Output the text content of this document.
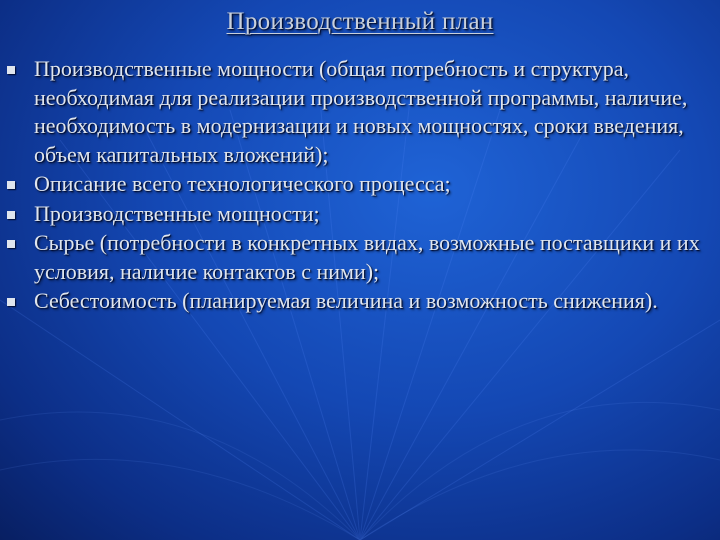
Производственный план
Производственные мощности (общая потребность и структура, необходимая для реализации производственной программы, наличие, необходимость в модернизации и новых мощностях, сроки введения, объем капитальных вложений);
Описание всего технологического процесса;
Производственные мощности;
Сырье (потребности в конкретных видах, возможные поставщики и их условия, наличие контактов с ними);
Себестоимость (планируемая величина и возможность снижения).
